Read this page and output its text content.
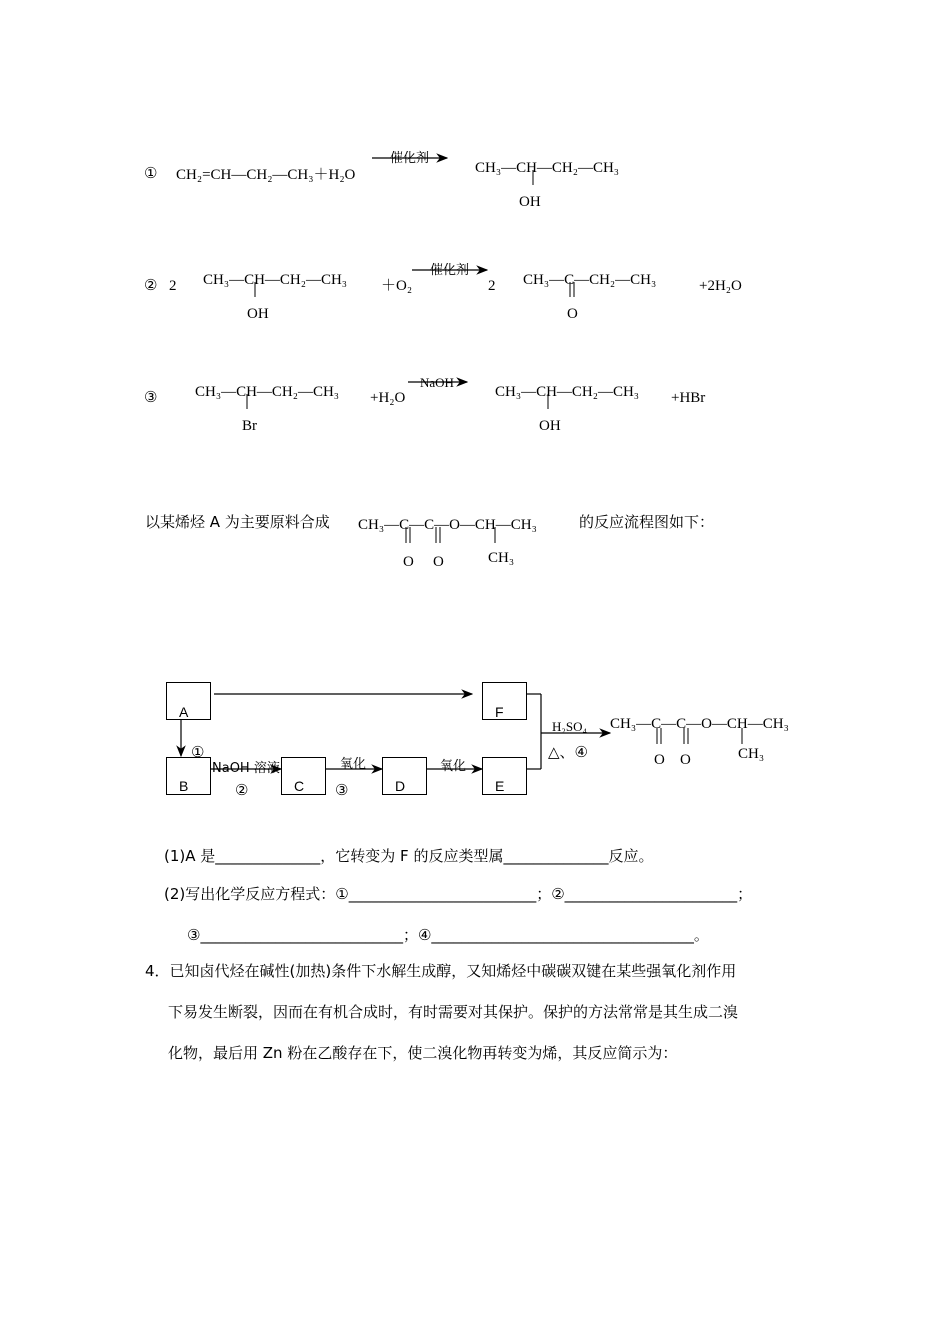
① CH₂=CH—CH₂—CH₃＋H₂O
催化剂
CH₃—CH—CH₂—CH₃
OH
② 2 CH₃—CH—CH₂—CH₃
OH
＋O₂
催化剂
2 CH₃—C—CH₂—CH₃
O
+2H₂O
③	CH₃—CH—CH₂—CH₃
Br
+H₂O
NaOH
CH₃—CH—CH₂—CH₃
OH
+HBr
以某烯烃 A 为主要原料合成 CH₃—C—C—O—CH—CH₃
O O	CH₃
的反应流程图如下：
A	F
B	C	D	E
①
NaOH 溶液
②
氧化
③
氧化
H₂SO₄
△、④
CH₃—C—C—O—CH—CH₃
O O	CH₃
(1)A 是______________，它转变为 F 的反应类型属______________反应。
(2)写出化学反应方程式：①_________________________；②_______________________；
③___________________________；④___________________________________。
4．已知卤代烃在碱性(加热)条件下水解生成醇，又知烯烃中碳碳双键在某些强氧化剂作用
下易发生断裂，因而在有机合成时，有时需要对其保护。保护的方法常常是其生成二溴
化物，最后用 Zn 粉在乙酸存在下，使二溴化物再转变为烯，其反应简示为：
